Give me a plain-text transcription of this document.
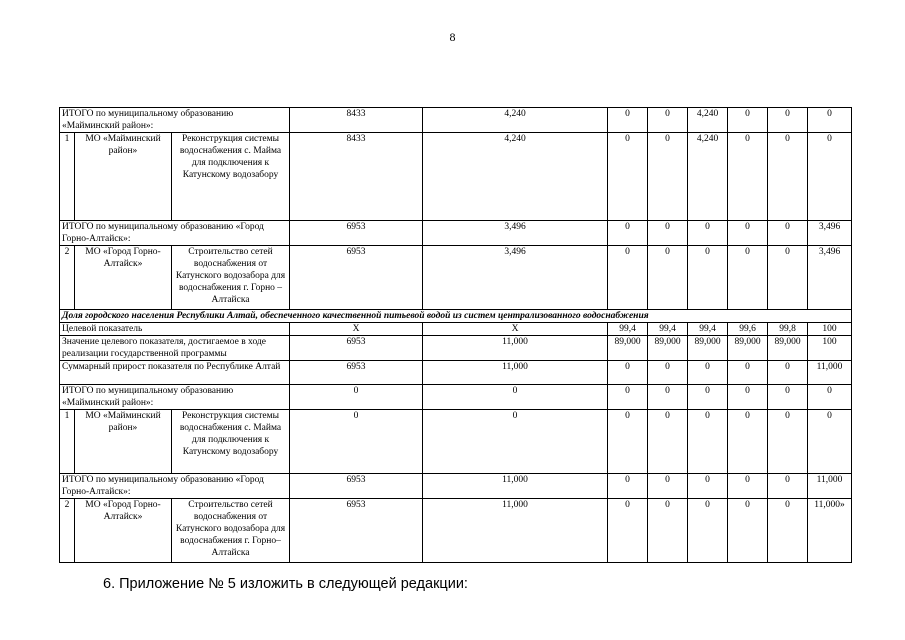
8
ИТОГО по муниципальному образованию «Майминский район»:			8433	4,240	0	0	4,240	0	0	0
1	МО «Майминский район»	Реконструкция системы водоснабжения с. Майма для подключения к Катунскому водозабору	8433	4,240	0	0	4,240	0	0	0
ИТОГО по муниципальному образованию «Город Горно-Алтайск»:			6953	3,496	0	0	0	0	0	3,496
2	МО «Город Горно-Алтайск»	Строительство сетей водоснабжения от Катунского водозабора для водоснабжения г. Горно – Алтайска	6953	3,496	0	0	0	0	0	3,496
Доля городского населения Республики Алтай, обеспеченного качественной питьевой водой из систем централизованного водоснабжения										
Целевой показатель			Х	Х	99,4	99,4	99,4	99,6	99,8	100
Значение целевого показателя, достигаемое в ходе реализации государственной программы			6953	11,000	89,000	89,000	89,000	89,000	89,000	100
Суммарный прирост показателя по Республике Алтай			6953	11,000	0	0	0	0	0	11,000
ИТОГО по муниципальному образованию «Майминский район»:			0	0	0	0	0	0	0	0
1	МО «Майминский район»	Реконструкция системы водоснабжения с. Майма для подключения к Катунскому водозабору	0	0	0	0	0	0	0	0
ИТОГО по муниципальному образованию «Город Горно-Алтайск»:			6953	11,000	0	0	0	0	0	11,000
2	МО «Город Горно-Алтайск»	Строительство сетей водоснабжения от Катунского водозабора для водоснабжения г. Горно–Алтайска	6953	11,000	0	0	0	0	0	11,000»
6. Приложение № 5 изложить в следующей редакции:
